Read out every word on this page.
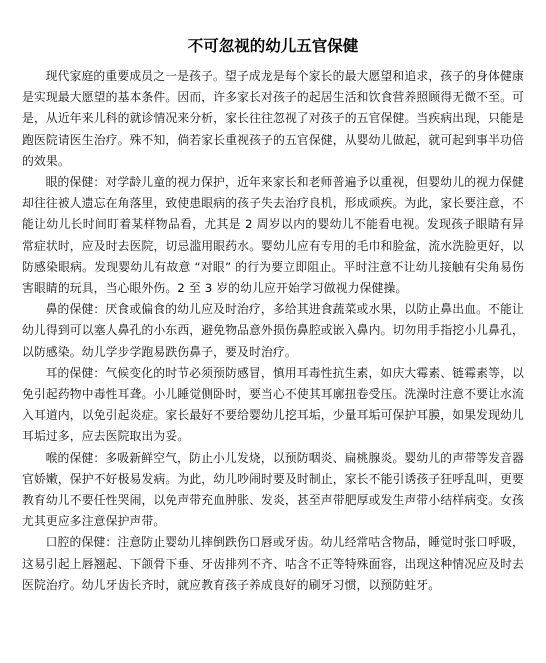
不可忽视的幼儿五官保健

现代家庭的重要成员之一是孩子。望子成龙是每个家长的最大愿望和追求，孩子的身体健康是实现最大愿望的基本条件。因而，许多家长对孩子的起居生活和饮食营养照顾得无微不至。可是，从近年来儿科的就诊情况来分析，家长往往忽视了对孩子的五官保健。当疾病出现，只能是跑医院请医生治疗。殊不知，倘若家长重视孩子的五官保健，从婴幼儿做起，就可起到事半功倍的效果。

眼的保健：对学龄儿童的视力保护，近年来家长和老师普遍予以重视，但婴幼儿的视力保健却往往被人遗忘在角落里，致使患眼病的孩子失去治疗良机，形成顽疾。为此，家长要注意，不能让幼儿长时间盯着某样物品看，尤其是 2 周岁以内的婴幼儿不能看电视。发现孩子眼睛有异常症状时，应及时去医院，切忌滥用眼药水。婴幼儿应有专用的毛巾和脸盆，流水洗脸更好，以防感染眼病。发现婴幼儿有故意 “对眼” 的行为要立即阻止。平时注意不让幼儿接触有尖角易伤害眼睛的玩具，当心眼外伤。2 至 3 岁的幼儿应开始学习做视力保健操。

鼻的保健：厌食或偏食的幼儿应及时治疗，多给其进食蔬菜或水果，以防止鼻出血。不能让幼儿得到可以塞人鼻孔的小东西，避免物品意外损伤鼻腔或嵌入鼻内。切勿用手指挖小儿鼻孔，以防感染。幼儿学步学跑易跌伤鼻子，要及时治疗。

耳的保健：气候变化的时节必须预防感冒，慎用耳毒性抗生素，如庆大霉素、链霉素等，以免引起药物中毒性耳聋。小儿睡觉侧卧时，要当心不使其耳廓扭卷受压。洗澡时注意不要让水流入耳道内，以免引起炎症。家长最好不要给婴幼儿挖耳垢，少量耳垢可保护耳膜，如果发现幼儿耳垢过多，应去医院取出为妥。

喉的保健：多吸新鲜空气，防止小儿发烧，以预防咽炎、扁桃腺炎。婴幼儿的声带等发音器官娇嫩，保护不好极易发病。为此，幼儿吵闹时要及时制止，家长不能引诱孩子狂呼乱叫，更要教育幼儿不要任性哭闹，以免声带充血肿胀、发炎，甚至声带肥厚或发生声带小结样病变。女孩尤其更应多注意保护声带。

口腔的保健：注意防止婴幼儿摔倒跌伤口唇或牙齿。幼儿经常咕含物品，睡觉时张口呼吸，这易引起上唇翘起、下颌骨下垂、牙齿排列不齐、咕含不正等特殊面容，出现这种情况应及时去医院治疗。幼儿牙齿长齐时，就应教育孩子养成良好的刷牙习惯，以预防蛀牙。
